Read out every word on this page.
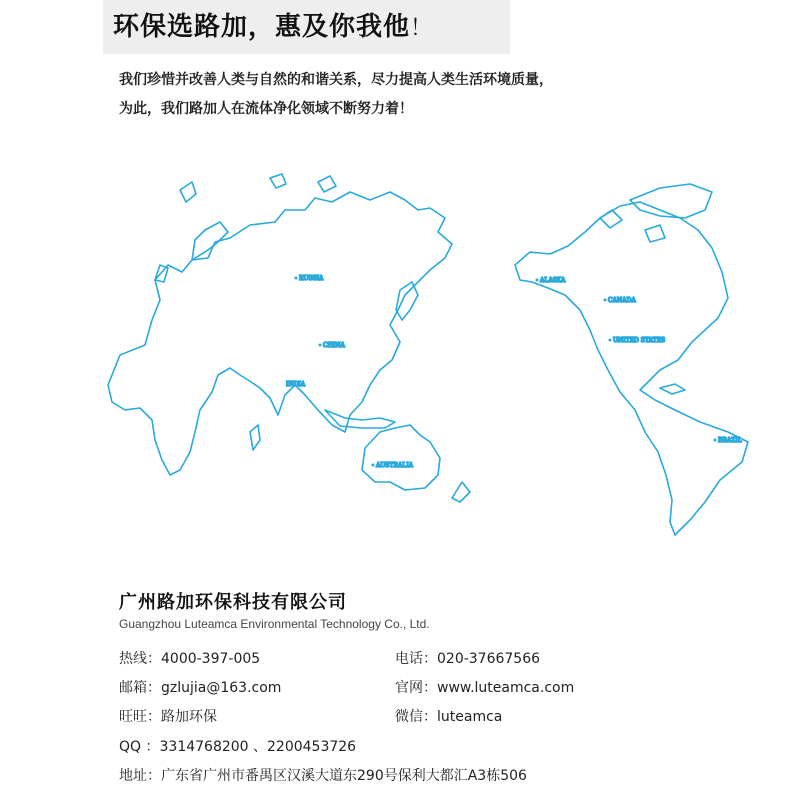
环保选路加，惠及你我他！
我们珍惜并改善人类与自然的和谐关系，尽力提高人类生活环境质量，
为此，我们路加人在流体净化领域不断努力着！
RUSSIA
CHINA
INDIA
AUSTRALIA
ALASKA
CANADA
UNITED STATES
BRAZIL
广州路加环保科技有限公司
Guangzhou Luteamca Environmental Technology Co., Ltd.
热线：4000-397-005	电话：020-37667566
邮箱：gzlujia@163.com	官网：www.luteamca.com
旺旺：路加环保	微信：luteamca
QQ ：3314768200 、2200453726
地址：广东省广州市番禺区汉溪大道东290号保利大都汇A3栋506
